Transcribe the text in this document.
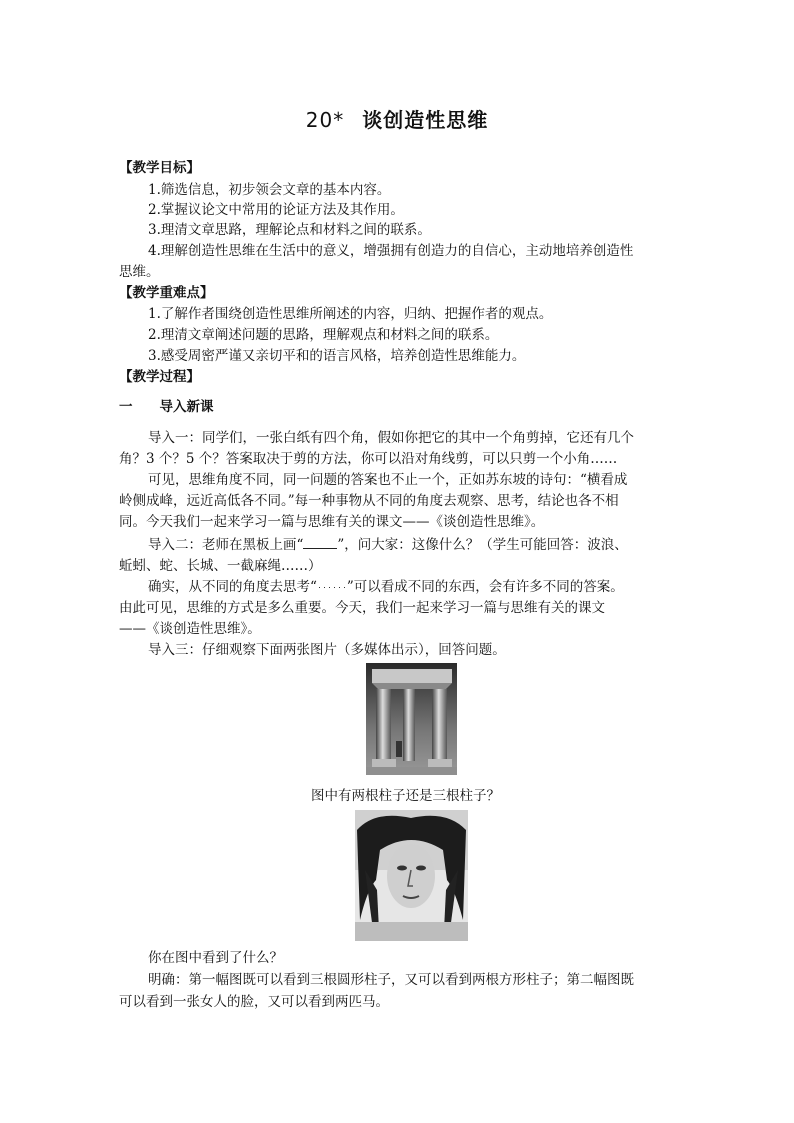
20* 谈创造性思维
【教学目标】
1.筛选信息，初步领会文章的基本内容。
2.掌握议论文中常用的论证方法及其作用。
3.理清文章思路，理解论点和材料之间的联系。
4.理解创造性思维在生活中的意义，增强拥有创造力的自信心，主动地培养创造性
思维。
【教学重难点】
1.了解作者围绕创造性思维所阐述的内容，归纳、把握作者的观点。
2.理清文章阐述问题的思路，理解观点和材料之间的联系。
3.感受周密严谨又亲切平和的语言风格，培养创造性思维能力。
【教学过程】
一　　导入新课
导入一：同学们，一张白纸有四个角，假如你把它的其中一个角剪掉，它还有几个
角？3 个？5 个？答案取决于剪的方法，你可以沿对角线剪，可以只剪一个小角……
可见，思维角度不同，同一问题的答案也不止一个，正如苏东坡的诗句：“横看成
岭侧成峰，远近高低各不同。”每一种事物从不同的角度去观察、思考，结论也各不相
同。今天我们一起来学习一篇与思维有关的课文——《谈创造性思维》。
导入二：老师在黑板上画“	”，问大家：这像什么？（学生可能回答：波浪、
蚯蚓、蛇、长城、一截麻绳……）
确实，从不同的角度去思考“ ”可以看成不同的东西，会有许多不同的答案。
由此可见，思维的方式是多么重要。今天，我们一起来学习一篇与思维有关的课文
——《谈创造性思维》。
导入三：仔细观察下面两张图片（多媒体出示），回答问题。
图中有两根柱子还是三根柱子？
你在图中看到了什么？
明确：第一幅图既可以看到三根圆形柱子，又可以看到两根方形柱子；第二幅图既
可以看到一张女人的脸，又可以看到两匹马。
